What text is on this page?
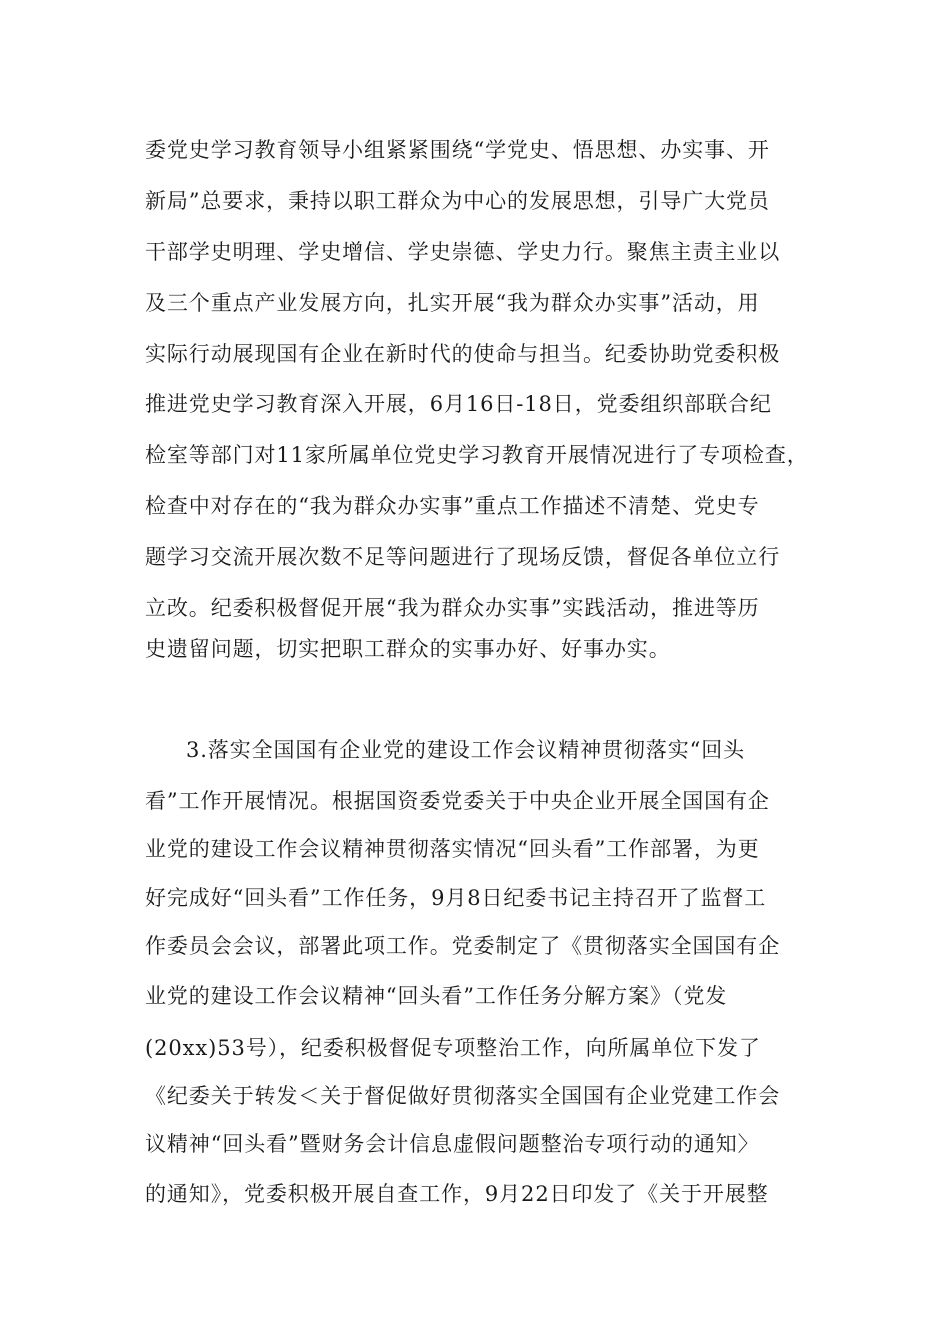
委党史学习教育领导小组紧紧围绕“学党史、悟思想、办实事、开

新局”总要求，秉持以职工群众为中心的发展思想，引导广大党员

干部学史明理、学史增信、学史崇德、学史力行。聚焦主责主业以

及三个重点产业发展方向，扎实开展“我为群众办实事”活动，用

实际行动展现国有企业在新时代的使命与担当。纪委协助党委积极

推进党史学习教育深入开展，6月16日-18日，党委组织部联合纪

检室等部门对11家所属单位党史学习教育开展情况进行了专项检查，

检查中对存在的“我为群众办实事”重点工作描述不清楚、党史专

题学习交流开展次数不足等问题进行了现场反馈，督促各单位立行

立改。纪委积极督促开展“我为群众办实事”实践活动，推进等历

史遗留问题，切实把职工群众的实事办好、好事办实。

3.落实全国国有企业党的建设工作会议精神贯彻落实“回头

看”工作开展情况。根据国资委党委关于中央企业开展全国国有企

业党的建设工作会议精神贯彻落实情况“回头看”工作部署，为更

好完成好“回头看”工作任务，9月8日纪委书记主持召开了监督工

作委员会会议，部署此项工作。党委制定了《贯彻落实全国国有企

业党的建设工作会议精神“回头看”工作任务分解方案》（党发

(20xx)53号），纪委积极督促专项整治工作，向所属单位下发了

《纪委关于转发＜关于督促做好贯彻落实全国国有企业党建工作会

议精神“回头看”暨财务会计信息虚假问题整治专项行动的通知〉

的通知》，党委积极开展自查工作，9月22日印发了《关于开展整
